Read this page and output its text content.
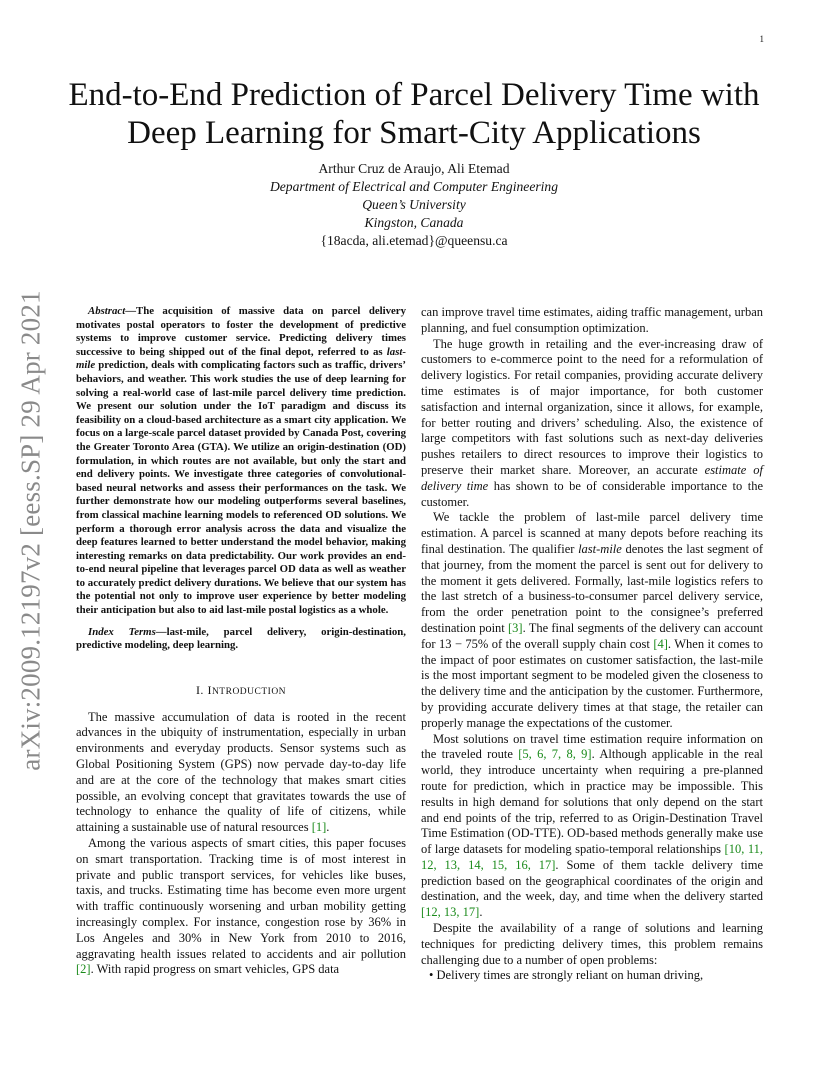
1
arXiv:2009.12197v2 [eess.SP] 29 Apr 2021
End-to-End Prediction of Parcel Delivery Time with Deep Learning for Smart-City Applications
Arthur Cruz de Araujo, Ali Etemad
Department of Electrical and Computer Engineering
Queen’s University
Kingston, Canada
{18acda, ali.etemad}@queensu.ca

Abstract—The acquisition of massive data on parcel delivery motivates postal operators to foster the development of predictive systems to improve customer service. Predicting delivery times successive to being shipped out of the final depot, referred to as last-mile prediction, deals with complicating factors such as traffic, drivers’ behaviors, and weather. This work studies the use of deep learning for solving a real-world case of last-mile parcel delivery time prediction. We present our solution under the IoT paradigm and discuss its feasibility on a cloud-based architecture as a smart city application. We focus on a large-scale parcel dataset provided by Canada Post, covering the Greater Toronto Area (GTA). We utilize an origin-destination (OD) formulation, in which routes are not available, but only the start and end delivery points. We investigate three categories of convolutional-based neural networks and assess their performances on the task. We further demonstrate how our modeling outperforms several baselines, from classical machine learning models to referenced OD solutions. We perform a thorough error analysis across the data and visualize the deep features learned to better understand the model behavior, making interesting remarks on data predictability. Our work provides an end-to-end neural pipeline that leverages parcel OD data as well as weather to accurately predict delivery durations. We believe that our system has the potential not only to improve user experience by better modeling their anticipation but also to aid last-mile postal logistics as a whole.

Index Terms—last-mile, parcel delivery, origin-destination, predictive modeling, deep learning.

I. INTRODUCTION

The massive accumulation of data is rooted in the recent advances in the ubiquity of instrumentation, especially in urban environments and everyday products. Sensor systems such as Global Positioning System (GPS) now pervade day-to-day life and are at the core of the technology that makes smart cities possible, an evolving concept that gravitates towards the use of technology to enhance the quality of life of citizens, while attaining a sustainable use of natural resources [1].

Among the various aspects of smart cities, this paper focuses on smart transportation. Tracking time is of most interest in private and public transport services, for vehicles like buses, taxis, and trucks. Estimating time has become even more urgent with traffic continuously worsening and urban mobility getting increasingly complex. For instance, congestion rose by 36% in Los Angeles and 30% in New York from 2010 to 2016, aggravating health issues related to accidents and air pollution [2]. With rapid progress on smart vehicles, GPS data

can improve travel time estimates, aiding traffic management, urban planning, and fuel consumption optimization.

The huge growth in retailing and the ever-increasing draw of customers to e-commerce point to the need for a reformulation of delivery logistics. For retail companies, providing accurate delivery time estimates is of major importance, for both customer satisfaction and internal organization, since it allows, for example, for better routing and drivers’ scheduling. Also, the existence of large competitors with fast solutions such as next-day deliveries pushes retailers to direct resources to improve their logistics to preserve their market share. Moreover, an accurate estimate of delivery time has shown to be of considerable importance to the customer.

We tackle the problem of last-mile parcel delivery time estimation. A parcel is scanned at many depots before reaching its final destination. The qualifier last-mile denotes the last segment of that journey, from the moment the parcel is sent out for delivery to the moment it gets delivered. Formally, last-mile logistics refers to the last stretch of a business-to-consumer parcel delivery service, from the order penetration point to the consignee’s preferred destination point [3]. The final segments of the delivery can account for 13 − 75% of the overall supply chain cost [4]. When it comes to the impact of poor estimates on customer satisfaction, the last-mile is the most important segment to be modeled given the closeness to the delivery time and the anticipation by the customer. Furthermore, by providing accurate delivery times at that stage, the retailer can properly manage the expectations of the customer.

Most solutions on travel time estimation require information on the traveled route [5, 6, 7, 8, 9]. Although applicable in the real world, they introduce uncertainty when requiring a pre-planned route for prediction, which in practice may be impossible. This results in high demand for solutions that only depend on the start and end points of the trip, referred to as Origin-Destination Travel Time Estimation (OD-TTE). OD-based methods generally make use of large datasets for modeling spatio-temporal relationships [10, 11, 12, 13, 14, 15, 16, 17]. Some of them tackle delivery time prediction based on the geographical coordinates of the origin and destination, and the week, day, and time when the delivery started [12, 13, 17].

Despite the availability of a range of solutions and learning techniques for predicting delivery times, this problem remains challenging due to a number of open problems:

• Delivery times are strongly reliant on human driving,
